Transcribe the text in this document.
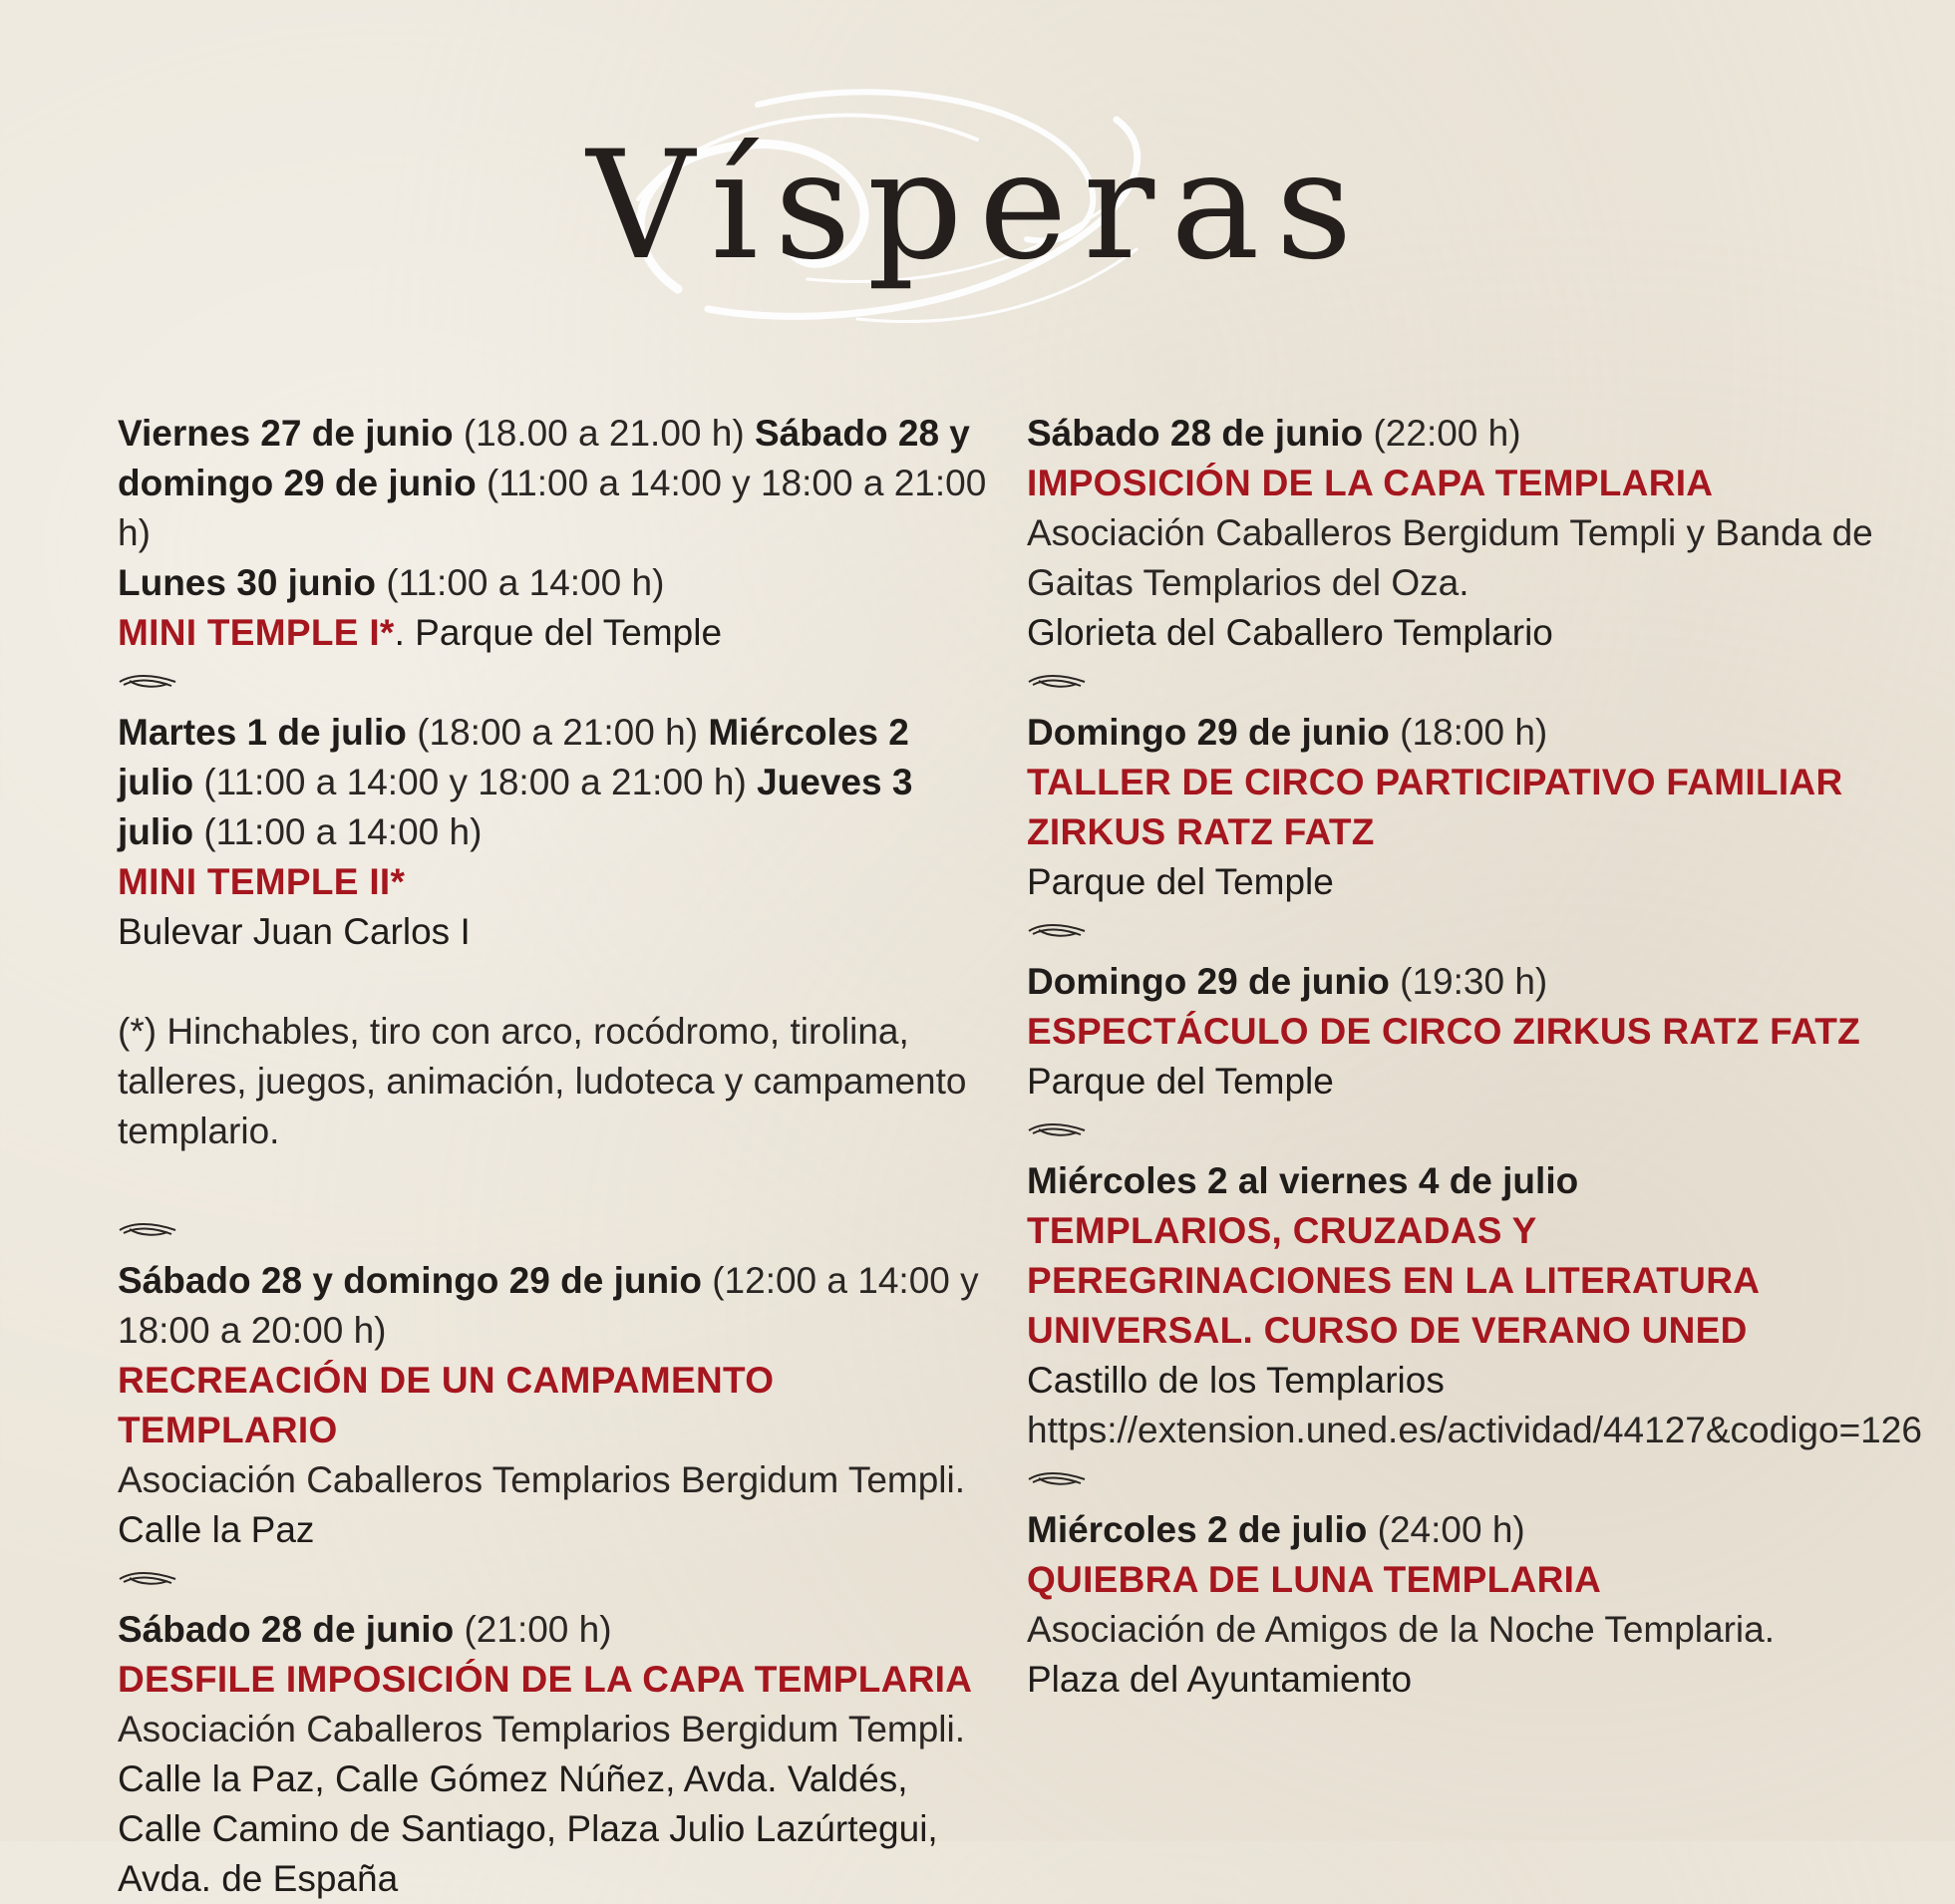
Vísperas

Viernes 27 de junio (18.00 a 21.00 h) Sábado 28 y domingo 29 de junio (11:00 a 14:00 y 18:00 a 21:00 h)
Lunes 30 junio (11:00 a 14:00 h)
MINI TEMPLE I*. Parque del Temple

Martes 1 de julio (18:00 a 21:00 h) Miércoles 2 julio (11:00 a 14:00 y 18:00 a 21:00 h) Jueves 3 julio (11:00 a 14:00 h)
MINI TEMPLE II*
Bulevar Juan Carlos I

(*) Hinchables, tiro con arco, rocódromo, tirolina, talleres, juegos, animación, ludoteca y campamento templario.

Sábado 28 y domingo 29 de junio (12:00 a 14:00 y 18:00 a 20:00 h)
RECREACIÓN DE UN CAMPAMENTO TEMPLARIO
Asociación Caballeros Templarios Bergidum Templi.
Calle la Paz

Sábado 28 de junio (21:00 h)
DESFILE IMPOSICIÓN DE LA CAPA TEMPLARIA
Asociación Caballeros Templarios Bergidum Templi.
Calle la Paz, Calle Gómez Núñez, Avda. Valdés, Calle Camino de Santiago, Plaza Julio Lazúrtegui, Avda. de España

Sábado 28 de junio (22:00 h)
IMPOSICIÓN DE LA CAPA TEMPLARIA
Asociación Caballeros Bergidum Templi y Banda de Gaitas Templarios del Oza.
Glorieta del Caballero Templario

Domingo 29 de junio (18:00 h)
TALLER DE CIRCO PARTICIPATIVO FAMILIAR ZIRKUS RATZ FATZ
Parque del Temple

Domingo 29 de junio (19:30 h)
ESPECTÁCULO DE CIRCO ZIRKUS RATZ FATZ
Parque del Temple

Miércoles 2 al viernes 4 de julio
TEMPLARIOS, CRUZADAS Y PEREGRINACIONES EN LA LITERATURA UNIVERSAL. CURSO DE VERANO UNED
Castillo de los Templarios
https://extension.uned.es/actividad/44127&codigo=126

Miércoles 2 de julio (24:00 h)
QUIEBRA DE LUNA TEMPLARIA
Asociación de Amigos de la Noche Templaria.
Plaza del Ayuntamiento
